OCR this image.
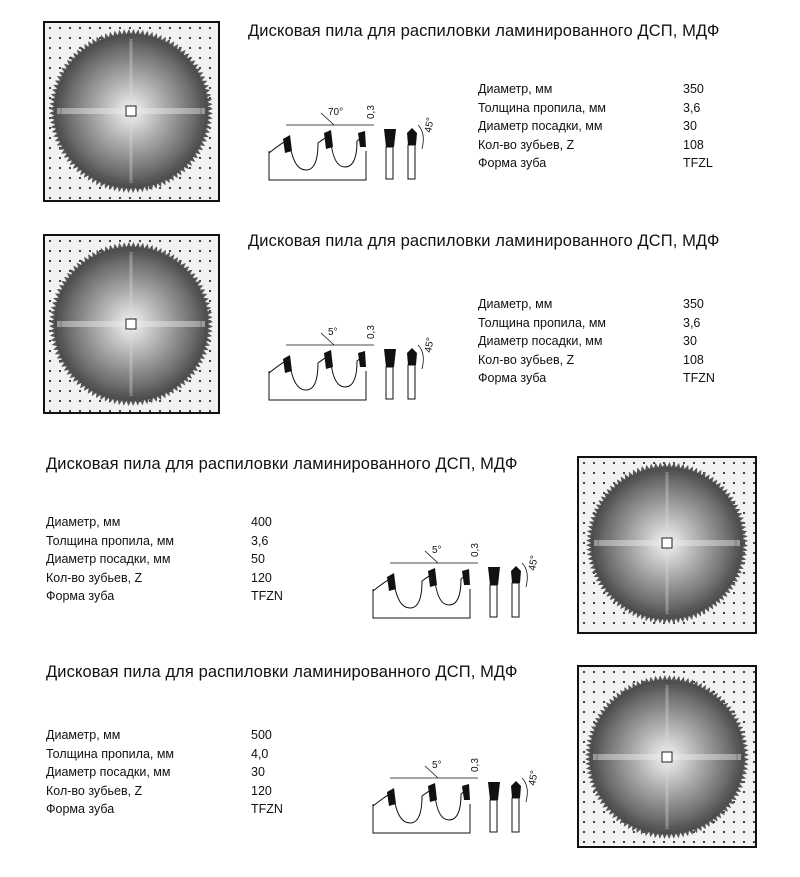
Дисковая пила для распиловки ламинированного ДСП, МДФ
70° 0,3
45°
Диаметр, мм	350
Толщина пропила, мм	3,6
Диаметр посадки, мм	30
Кол-во зубьев, Z	108
Форма зуба	TFZL
Дисковая пила для распиловки ламинированного ДСП, МДФ
5°	0,3
45°
Диаметр, мм	350
Толщина пропила, мм	3,6
Диаметр посадки, мм	30
Кол-во зубьев, Z	108
Форма зуба	TFZN
Дисковая пила для распиловки ламинированного ДСП, МДФ
Диаметр, мм	400
Толщина пропила, мм	3,6
Диаметр посадки, мм	50
Кол-во зубьев, Z	120
Форма зуба	TFZN
5°	0,3
45°
Дисковая пила для распиловки ламинированного ДСП, МДФ
Диаметр, мм	500
Толщина пропила, мм	4,0
Диаметр посадки, мм	30
Кол-во зубьев, Z	120
Форма зуба	TFZN
5°	0,3
45°
